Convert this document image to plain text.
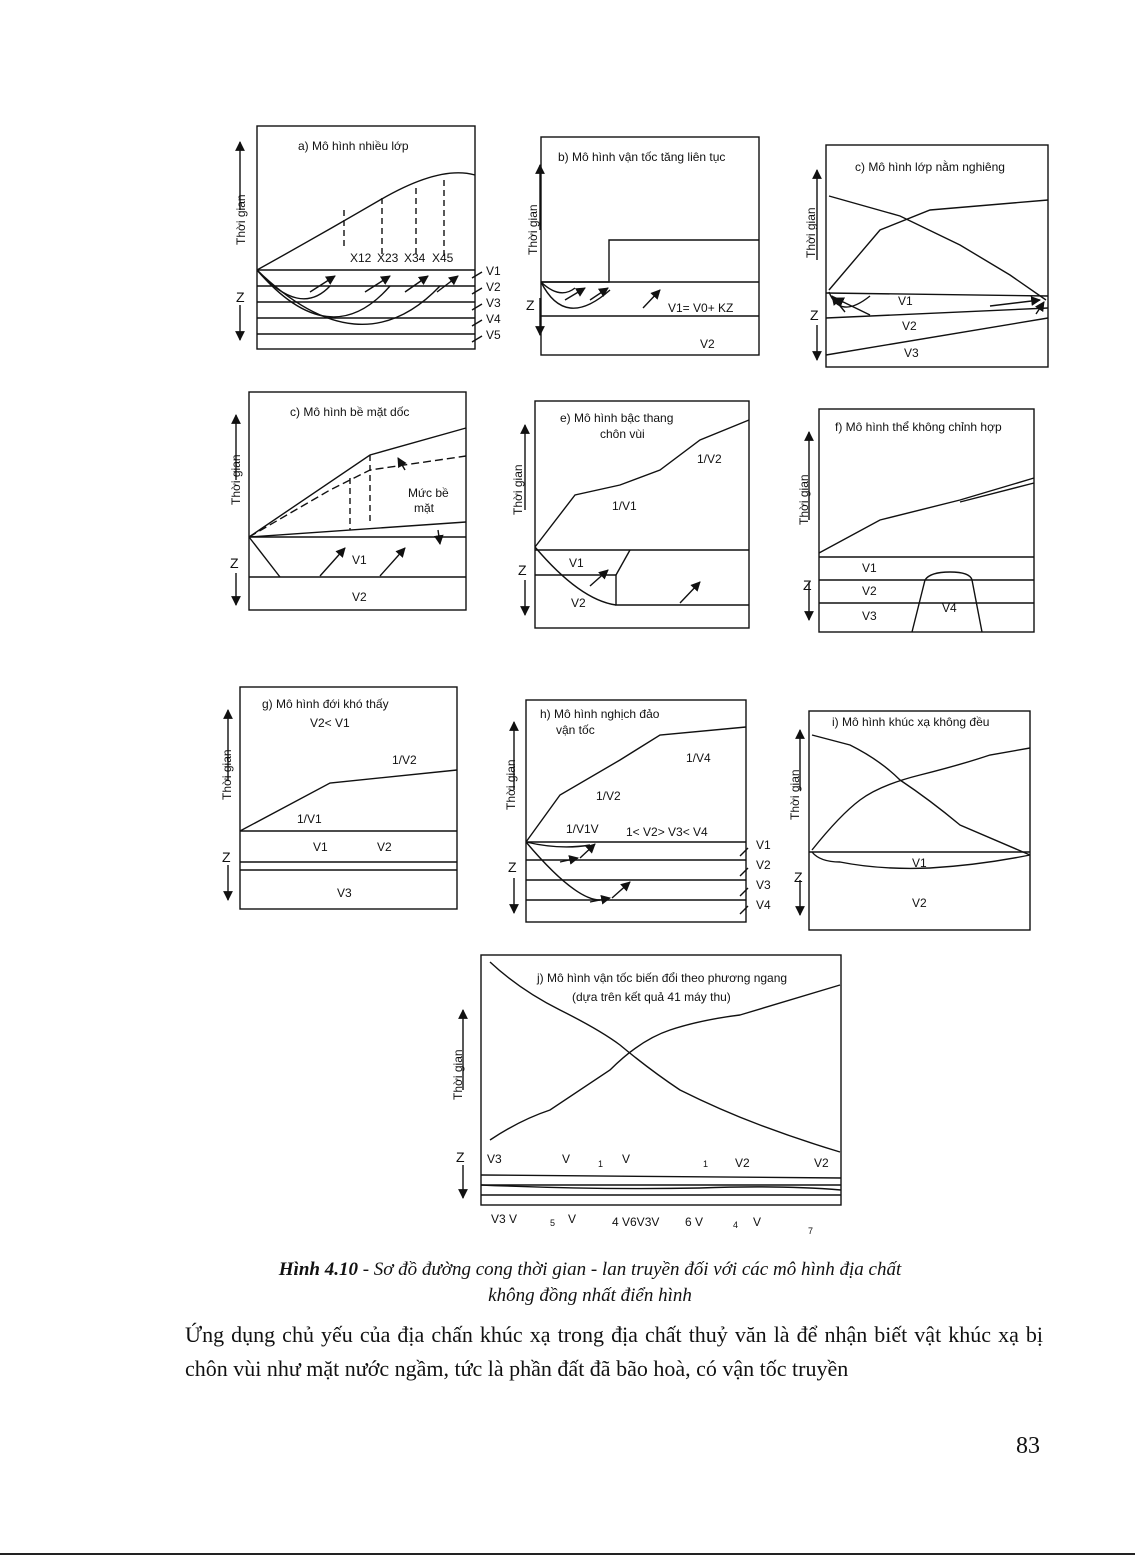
a) Mô hình nhiều lớp
X12 X23 X34 X45
V1
V2
V3
V4
V5
Z
Thời gian
b) Mô hình vận tốc tăng liên tục
V1= V0+ KZ
V2
Z
Thời gian
c) Mô hình lớp nằm nghiêng
V1
V2
V3
Z
Thời gian
c) Mô hình bề mặt dốc
Mức bề
mặt
V1
V2
Z
Thời gian
e) Mô hình bậc thang
chôn vùi
1/V2
1/V1
V1
V2
Z
Thời gian
f) Mô hình thể không chỉnh hợp
V1
V2
V3
V4
Z
Thời gian
g) Mô hình đới khó thấy
V2< V1
1/V2
1/V1
V1	V2
V3
Z
Thời gian
h) Mô hình nghịch đảo
vận tốc
1/V4
1/V2
1/V1V 1< V2> V3< V4
V1
V2
V3
V4
Z
Thời gian
i) Mô hình khúc xạ không đều
V1
V2
Z
Thời gian
j) Mô hình vận tốc biến đổi theo phương ngang
(dựa trên kết quả 41 máy thu)
V3	V	1 V	1 V2	V2
V3 V	5 V	4 V6V3V 6 V	4 V
7
Z
Thời gian
Hình 4.10 - Sơ đồ đường cong thời gian - lan truyền đối với các mô hình địa chất
không đồng nhất điển hình
Ứng dụng chủ yếu của địa chấn khúc xạ trong địa chất thuỷ văn là để nhận biết vật khúc xạ bị chôn vùi như mặt nước ngầm, tức là phần đất đã bão hoà, có vận tốc truyền
83
